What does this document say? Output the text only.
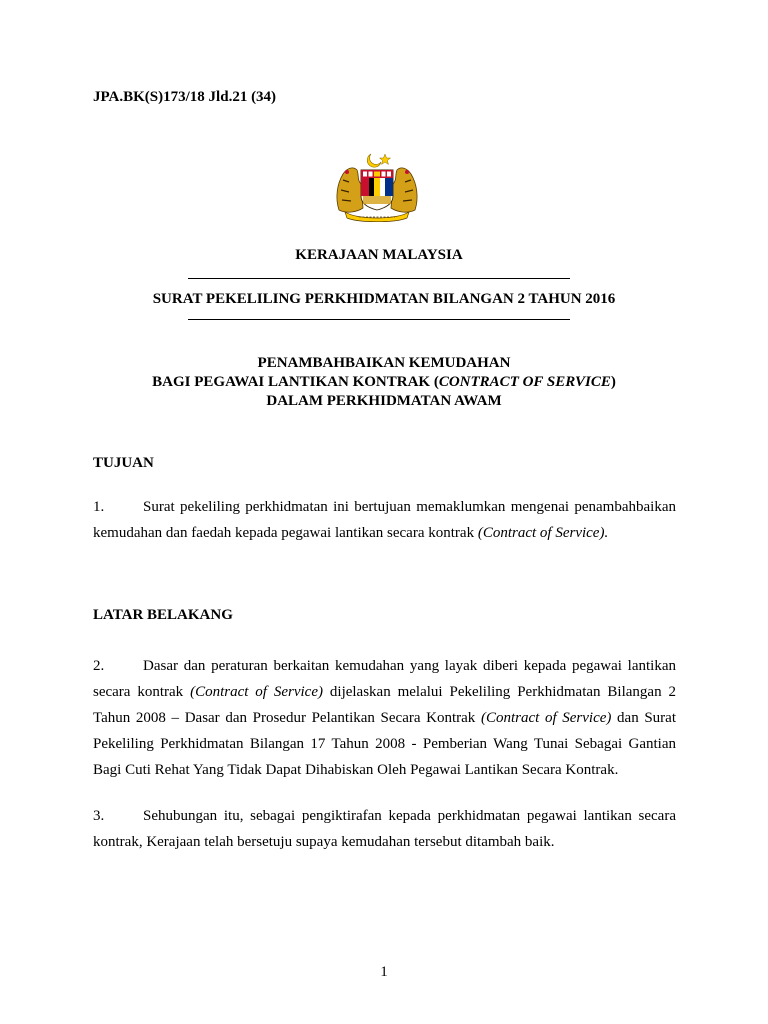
JPA.BK(S)173/18 Jld.21 (34)
KERAJAAN MALAYSIA
SURAT PEKELILING PERKHIDMATAN BILANGAN 2 TAHUN 2016
PENAMBAHBAIKAN KEMUDAHAN
BAGI PEGAWAI LANTIKAN KONTRAK (CONTRACT OF SERVICE)
DALAM PERKHIDMATAN AWAM
TUJUAN
1.	Surat pekeliling perkhidmatan ini bertujuan memaklumkan mengenai penambahbaikan kemudahan dan faedah kepada pegawai lantikan secara kontrak (Contract of Service).
LATAR BELAKANG
2.	Dasar dan peraturan berkaitan kemudahan yang layak diberi kepada pegawai lantikan secara kontrak (Contract of Service) dijelaskan melalui Pekeliling Perkhidmatan Bilangan 2 Tahun 2008 – Dasar dan Prosedur Pelantikan Secara Kontrak (Contract of Service) dan Surat Pekeliling Perkhidmatan Bilangan 17 Tahun 2008 - Pemberian Wang Tunai Sebagai Gantian Bagi Cuti Rehat Yang Tidak Dapat Dihabiskan Oleh Pegawai Lantikan Secara Kontrak.
3.	Sehubungan itu, sebagai pengiktirafan kepada perkhidmatan pegawai lantikan secara kontrak, Kerajaan telah bersetuju supaya kemudahan tersebut ditambah baik.
1
